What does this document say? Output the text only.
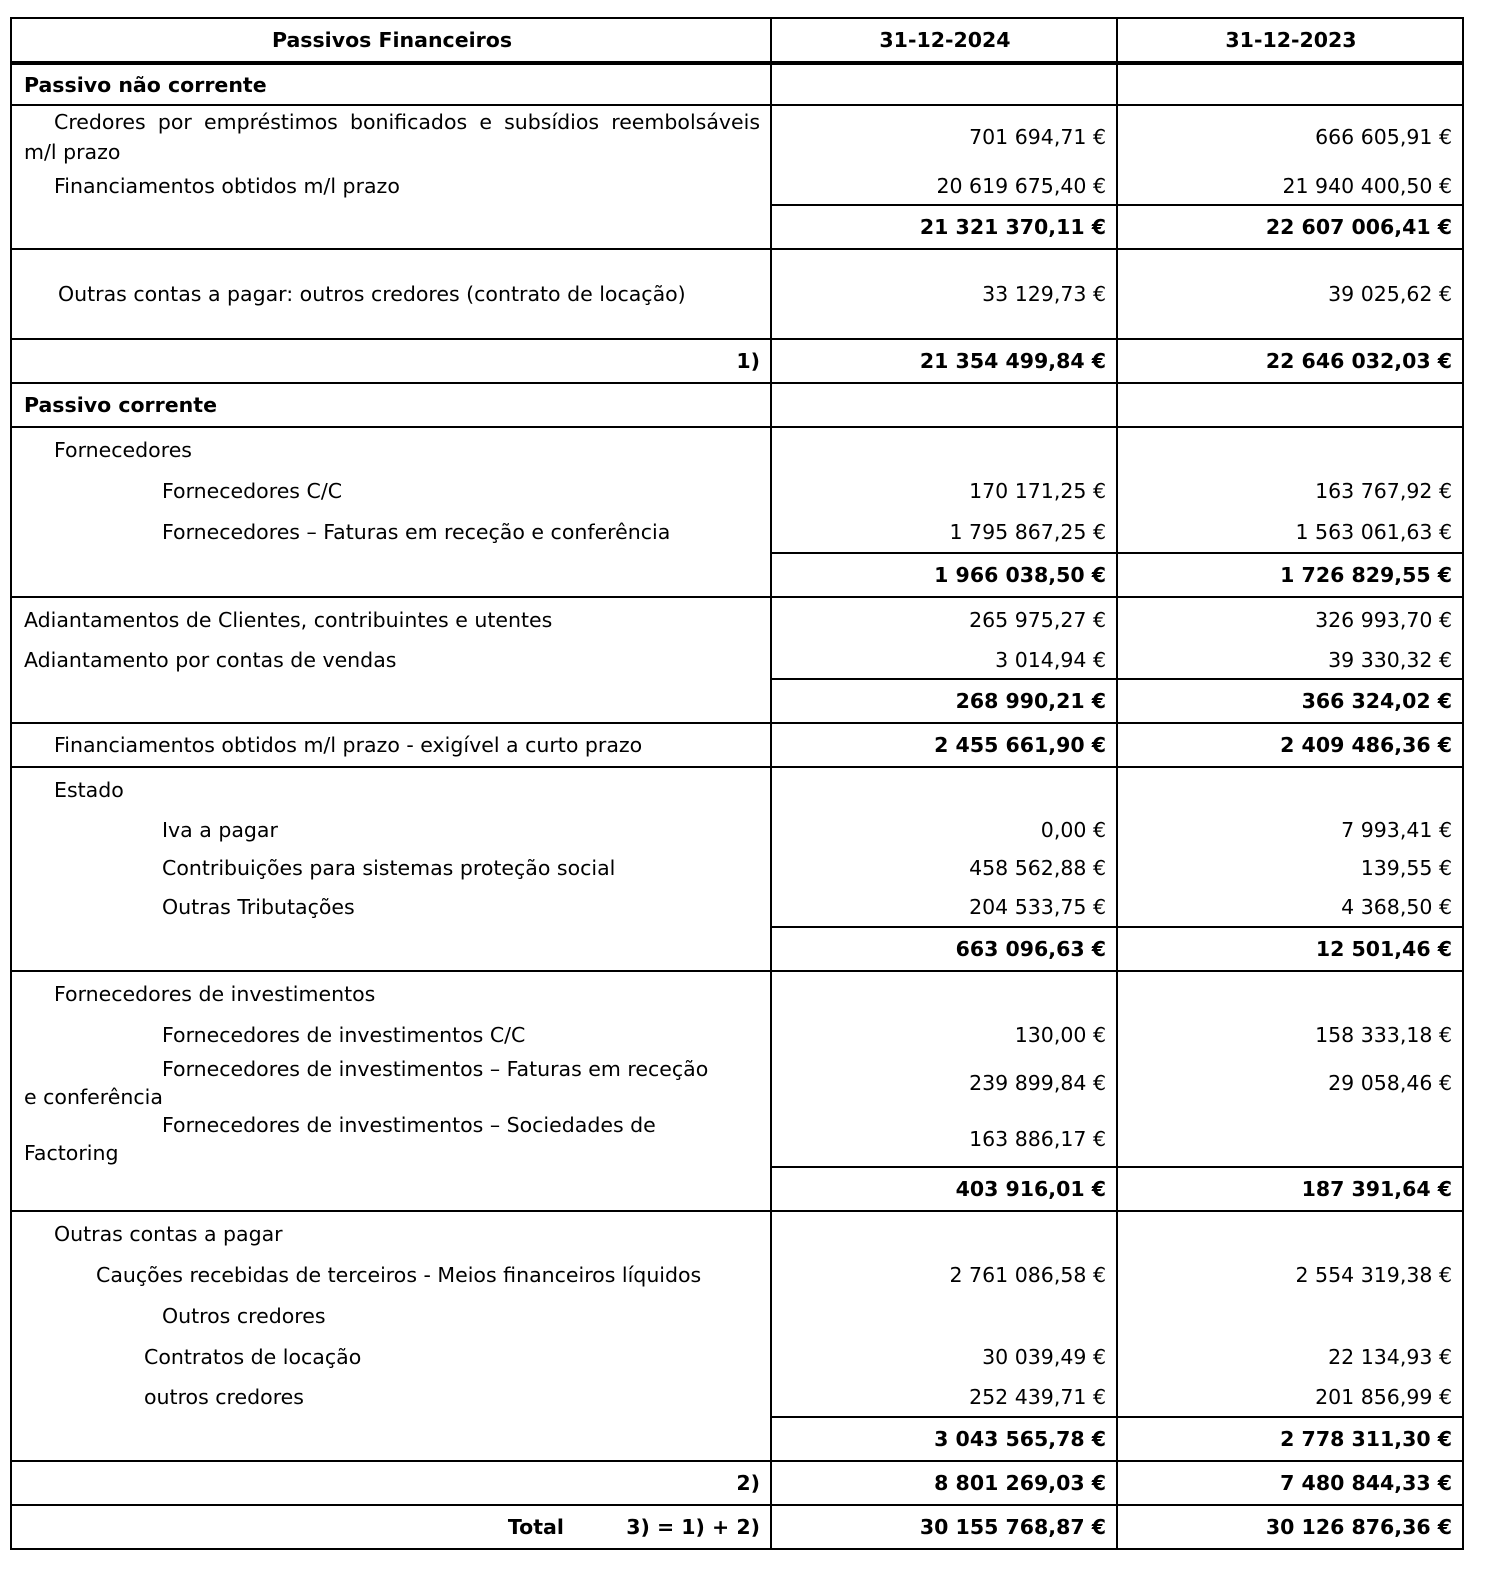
Passivos Financeiros	31-12-2024	31-12-2023
Passivo não corrente		

Credores por empréstimos bonificados e subsídios reembolsáveis m/l prazo	701 694,71 €	666 605,91 €
Financiamentos obtidos m/l prazo	20 619 675,40 €	21 940 400,50 €
	21 321 370,11 €	22 607 006,41 €
Outras contas a pagar: outros credores (contrato de locação)	33 129,73 €	39 025,62 €
1)	21 354 499,84 €	22 646 032,03 €
Passivo corrente		
Fornecedores		
Fornecedores C/C	170 171,25 €	163 767,92 €
Fornecedores – Faturas em receção e conferência	1 795 867,25 €	1 563 061,63 €
	1 966 038,50 €	1 726 829,55 €
Adiantamentos de Clientes, contribuintes e utentes	265 975,27 €	326 993,70 €
Adiantamento por contas de vendas	3 014,94 €	39 330,32 €
	268 990,21 €	366 324,02 €
Financiamentos obtidos m/l prazo - exigível a curto prazo	2 455 661,90 €	2 409 486,36 €
Estado		
Iva a pagar	0,00 €	7 993,41 €
Contribuições para sistemas proteção social	458 562,88 €	139,55 €
Outras Tributações	204 533,75 €	4 368,50 €
	663 096,63 €	12 501,46 €
Fornecedores de investimentos		
Fornecedores de investimentos C/C	130,00 €	158 333,18 €

Fornecedores de investimentos – Faturas em receção
e conferência	239 899,84 €	29 058,46 €

Fornecedores de investimentos – Sociedades de
Factoring	163 886,17 €	
	403 916,01 €	187 391,64 €
Outras contas a pagar		
Cauções recebidas de terceiros - Meios financeiros líquidos	2 761 086,58 €	2 554 319,38 €
Outros credores		
Contratos de locação	30 039,49 €	22 134,93 €
outros credores	252 439,71 €	201 856,99 €
	3 043 565,78 €	2 778 311,30 €
2)	8 801 269,03 €	7 480 844,33 €
Total 3) = 1) + 2)	30 155 768,87 €	30 126 876,36 €
